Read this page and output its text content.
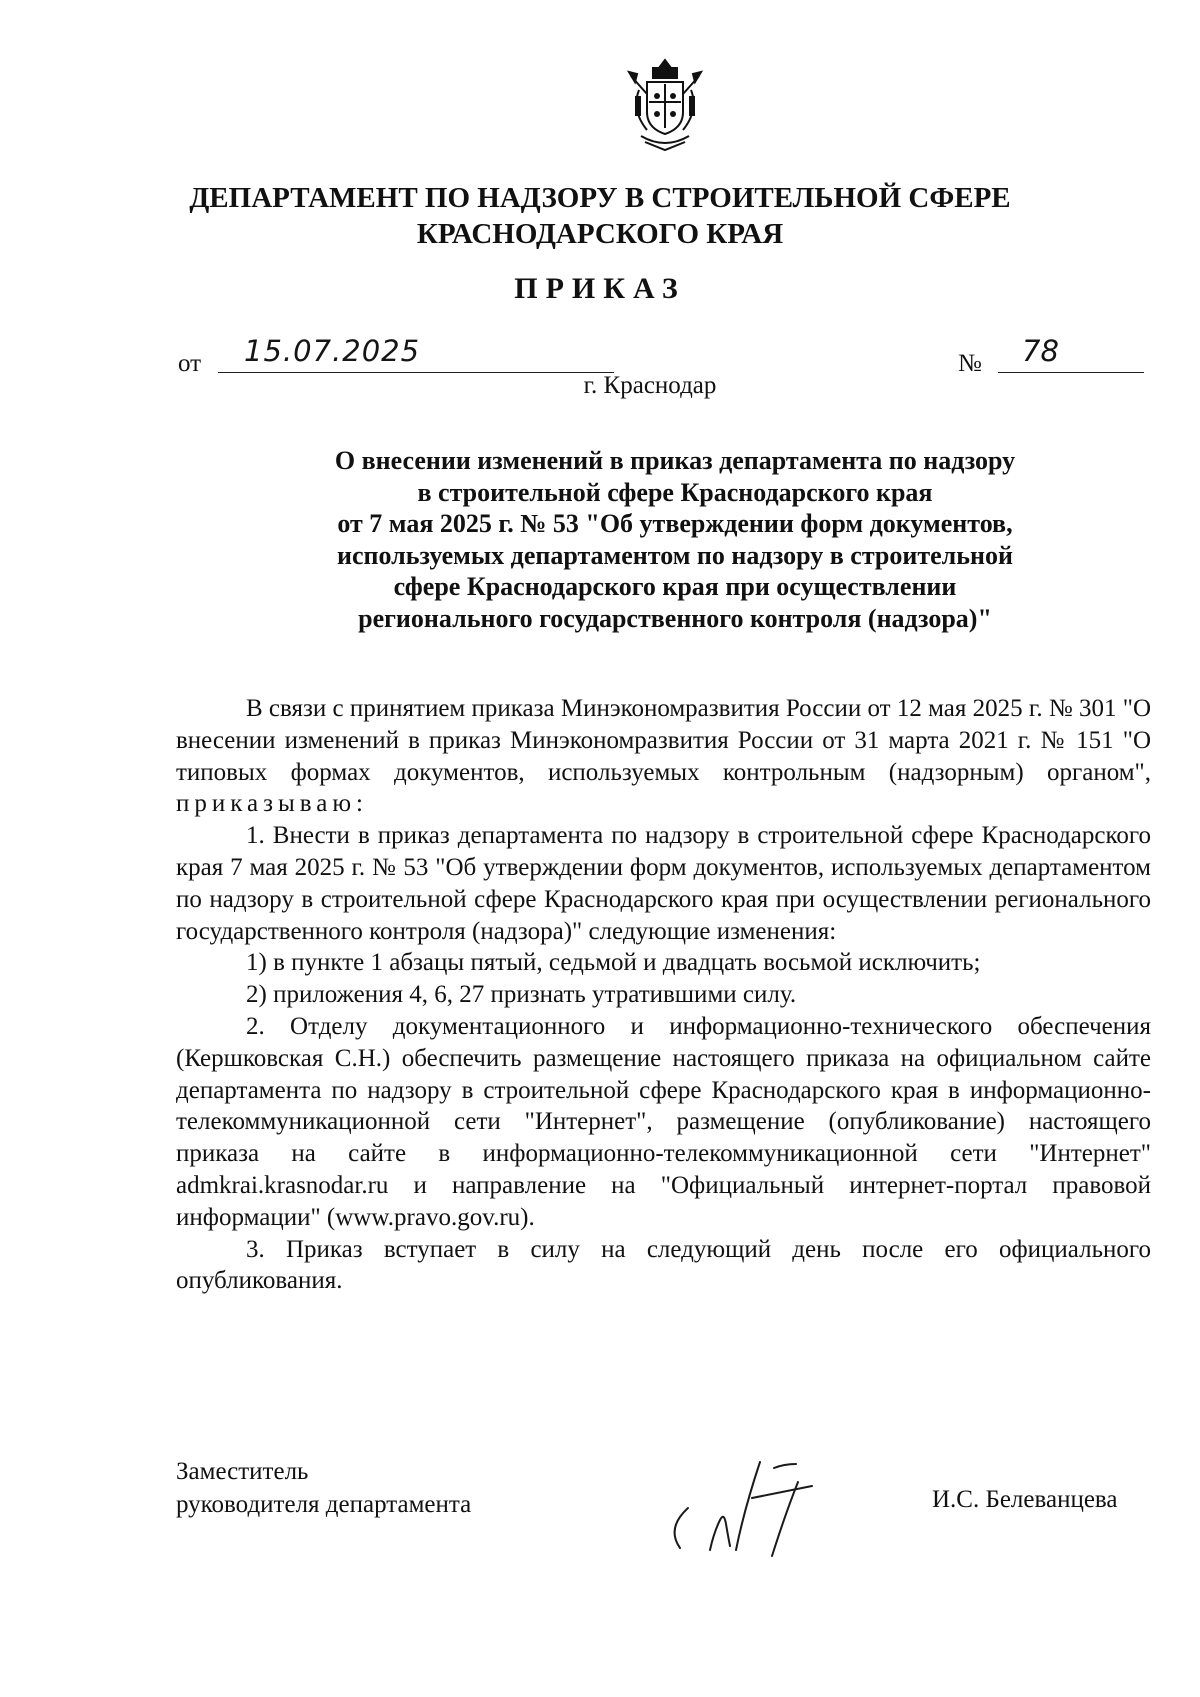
ДЕПАРТАМЕНТ ПО НАДЗОРУ В СТРОИТЕЛЬНОЙ СФЕРЕ
КРАСНОДАРСКОГО КРАЯ
ПРИКАЗ
от 15.07.2025	№ 78
г. Краснодар
О внесении изменений в приказ департамента по надзору
в строительной сфере Краснодарского края
от 7 мая 2025 г. № 53 "Об утверждении форм документов,
используемых департаментом по надзору в строительной
сфере Краснодарского края при осуществлении
регионального государственного контроля (надзора)"

В связи с принятием приказа Минэкономразвития России от 12 мая 2025 г. № 301 "О внесении изменений в приказ Минэкономразвития России от 31 марта 2021 г. № 151 "О типовых формах документов, используемых контрольным (надзорным) органом", приказываю:

1. Внести в приказ департамента по надзору в строительной сфере Краснодарского края 7 мая 2025 г. № 53 "Об утверждении форм документов, используемых департаментом по надзору в строительной сфере Краснодарского края при осуществлении регионального государственного контроля (надзора)" следующие изменения:

1) в пункте 1 абзацы пятый, седьмой и двадцать восьмой исключить;

2) приложения 4, 6, 27 признать утратившими силу.

2. Отделу документационного и информационно-технического обеспечения (Кершковская С.Н.) обеспечить размещение настоящего приказа на официальном сайте департамента по надзору в строительной сфере Краснодарского края в информационно-телекоммуникационной сети "Интернет", размещение (опубликование) настоящего приказа на сайте в информационно-телекоммуникационной сети "Интернет" admkrai.krasnodar.ru и направление на "Официальный интернет-портал правовой информации" (www.pravo.gov.ru).

3. Приказ вступает в силу на следующий день после его официального опубликования.

Заместитель
руководителя департамента	И.С. Белеванцева
